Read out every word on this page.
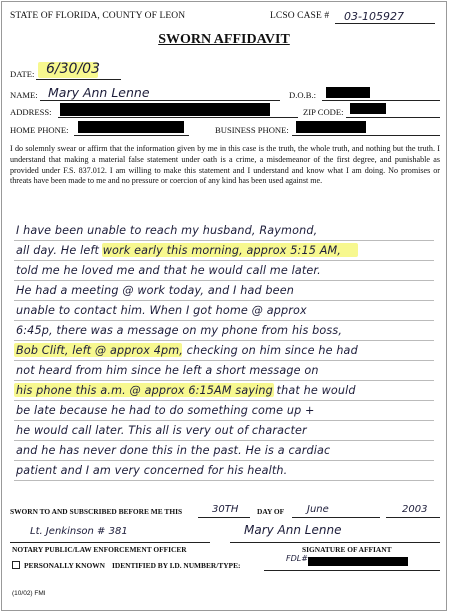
STATE OF FLORIDA, COUNTY OF LEON	LCSO CASE # 03-105927
SWORN AFFIDAVIT
DATE: 6/30/03
NAME: Mary Ann Lenne	D.O.B.:
ADDRESS:	ZIP CODE:
HOME PHONE:	BUSINESS PHONE:
I do solemnly swear or affirm that the information given by me in this case is the truth, the whole truth, and nothing but the truth. I understand that making a material false statement under oath is a crime, a misdemeanor of the first degree, and punishable as provided under F.S. 837.012. I am willing to make this statement and I understand and know what I am doing. No promises or threats have been made to me and no pressure or coercion of any kind has been used against me.
I have been unable to reach my husband, Raymond,
all day. He left work early this morning, approx 5:15 AM,
told me he loved me and that he would call me later.
He had a meeting @ work today, and I had been
unable to contact him. When I got home @ approx
6:45p, there was a message on my phone from his boss,
Bob Clift, left @ approx 4pm, checking on him since he had
not heard from him since he left a short message on
his phone this a.m. @ approx 6:15AM saying that he would
be late because he had to do something come up +
he would call later. This all is very out of character
and he has never done this in the past. He is a cardiac
patient and I am very concerned for his health.
SWORN TO AND SUBSCRIBED BEFORE ME THIS	30TH	DAY OF June	2003
Lt. Jenkinson # 381
NOTARY PUBLIC/LAW ENFORCEMENT OFFICER
Mary Ann Lenne
SIGNATURE OF AFFIANT
FDL#
PERSONALLY KNOWN IDENTIFIED BY I.D. NUMBER/TYPE:
(10/02) FMI
